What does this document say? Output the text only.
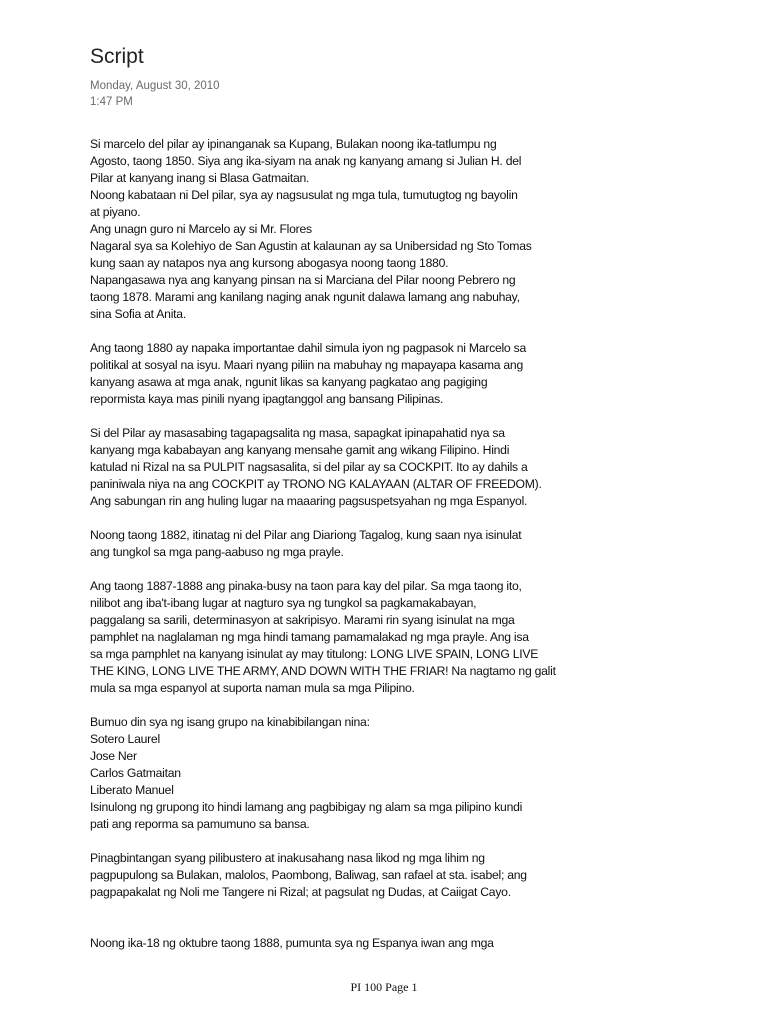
Script
Monday, August 30, 2010
1:47 PM

Si marcelo del pilar ay ipinanganak sa Kupang, Bulakan noong ika-tatlumpu ng
Agosto, taong 1850. Siya ang ika-siyam na anak ng kanyang amang si Julian H. del
Pilar at kanyang inang si Blasa Gatmaitan.
Noong kabataan ni Del pilar, sya ay nagsusulat ng mga tula, tumutugtog ng bayolin
at piyano.
Ang unagn guro ni Marcelo ay si Mr. Flores
Nagaral sya sa Kolehiyo de San Agustin at kalaunan ay sa Unibersidad ng Sto Tomas
kung saan ay natapos nya ang kursong abogasya noong taong 1880.
Napangasawa nya ang kanyang pinsan na si Marciana del Pilar noong Pebrero ng
taong 1878. Marami ang kanilang naging anak ngunit dalawa lamang ang nabuhay,
sina Sofia at Anita.

Ang taong 1880 ay napaka importantae dahil simula iyon ng pagpasok ni Marcelo sa
politikal at sosyal na isyu. Maari nyang piliin na mabuhay ng mapayapa kasama ang
kanyang asawa at mga anak, ngunit likas sa kanyang pagkatao ang pagiging
repormista kaya mas pinili nyang ipagtanggol ang bansang Pilipinas.

Si del Pilar ay masasabing tagapagsalita ng masa, sapagkat ipinapahatid nya sa
kanyang mga kababayan ang kanyang mensahe gamit ang wikang Filipino. Hindi
katulad ni Rizal na sa PULPIT nagsasalita, si del pilar ay sa COCKPIT. Ito ay dahils a
paniniwala niya na ang COCKPIT ay TRONO NG KALAYAAN (ALTAR OF FREEDOM).
Ang sabungan rin ang huling lugar na maaaring pagsuspetsyahan ng mga Espanyol.

Noong taong 1882, itinatag ni del Pilar ang Diariong Tagalog, kung saan nya isinulat
ang tungkol sa mga pang-aabuso ng mga prayle.

Ang taong 1887-1888 ang pinaka-busy na taon para kay del pilar. Sa mga taong ito,
nilibot ang iba't-ibang lugar at nagturo sya ng tungkol sa pagkamakabayan,
paggalang sa sarili, determinasyon at sakripisyo. Marami rin syang isinulat na mga
pamphlet na naglalaman ng mga hindi tamang pamamalakad ng mga prayle. Ang isa
sa mga pamphlet na kanyang isinulat ay may titulong: LONG LIVE SPAIN, LONG LIVE
THE KING, LONG LIVE THE ARMY, AND DOWN WITH THE FRIAR! Na nagtamo ng galit
mula sa mga espanyol at suporta naman mula sa mga Pilipino.

Bumuo din sya ng isang grupo na kinabibilangan nina:
Sotero Laurel
Jose Ner
Carlos Gatmaitan
Liberato Manuel
Isinulong ng grupong ito hindi lamang ang pagbibigay ng alam sa mga pilipino kundi
pati ang reporma sa pamumuno sa bansa.

Pinagbintangan syang pilibustero at inakusahang nasa likod ng mga lihim ng
pagpupulong sa Bulakan, malolos, Paombong, Baliwag, san rafael at sta. isabel; ang
pagpapakalat ng Noli me Tangere ni Rizal; at pagsulat ng Dudas, at Caiigat Cayo.

Noong ika-18 ng oktubre taong 1888, pumunta sya ng Espanya iwan ang mga

PI 100 Page 1
